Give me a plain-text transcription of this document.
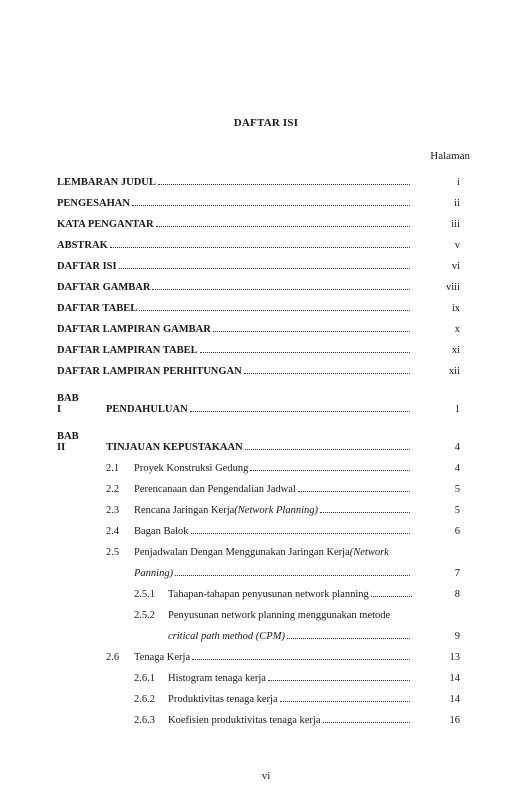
DAFTAR ISI
Halaman
LEMBARAN JUDUL	i
PENGESAHAN	ii
KATA PENGANTAR	iii
ABSTRAK	v
DAFTAR ISI	vi
DAFTAR GAMBAR	viii
DAFTAR TABEL	ix
DAFTAR LAMPIRAN GAMBAR	x
DAFTAR LAMPIRAN TABEL	xi
DAFTAR LAMPIRAN PERHITUNGAN	xii
BAB I	PENDAHULUAN	1
BAB II	TINJAUAN KEPUSTAKAAN	4
2.1 Proyek Konstruksi Gedung	4
2.2 Perencanaan dan Pengendalian Jadwal	5
2.3 Rencana Jaringan Kerja (Network Planning)	5
2.4 Bagan Balok	6
2.5 Penjadwalan Dengan Menggunakan Jaringan Kerja (Network
Panning)	7
2.5.1 Tahapan-tahapan penyusunan network planning	8
2.5.2 Penyusunan network planning menggunakan metode
critical path method (CPM)	9
2.6 Tenaga Kerja	13
2.6.1 Histogram tenaga kerja	14
2.6.2 Produktivitas tenaga kerja	14
2.6.3 Koefisien produktivitas tenaga kerja	16
vi
